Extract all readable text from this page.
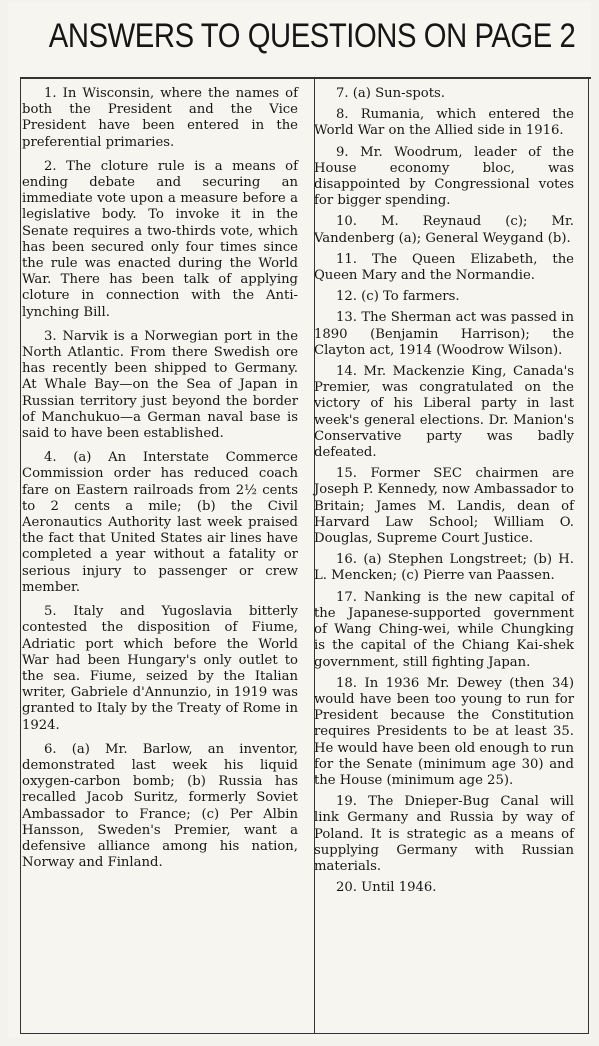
ANSWERS TO QUESTIONS ON PAGE 2

1. In Wisconsin, where the names of both the President and the Vice President have been entered in the preferential primaries.

2. The cloture rule is a means of ending debate and securing an immediate vote upon a measure before a legislative body. To invoke it in the Senate requires a two-thirds vote, which has been secured only four times since the rule was enacted during the World War. There has been talk of applying cloture in connection with the Anti-lynching Bill.

3. Narvik is a Norwegian port in the North Atlantic. From there Swedish ore has recently been shipped to Germany. At Whale Bay—on the Sea of Japan in Russian territory just beyond the border of Manchukuo—a German naval base is said to have been established.

4. (a) An Interstate Commerce Commission order has reduced coach fare on Eastern railroads from 2½ cents to 2 cents a mile; (b) the Civil Aeronautics Authority last week praised the fact that United States air lines have completed a year without a fatality or serious injury to passenger or crew member.

5. Italy and Yugoslavia bitterly contested the disposition of Fiume, Adriatic port which before the World War had been Hungary's only outlet to the sea. Fiume, seized by the Italian writer, Gabriele d'Annunzio, in 1919 was granted to Italy by the Treaty of Rome in 1924.

6. (a) Mr. Barlow, an inventor, demonstrated last week his liquid oxygen-carbon bomb; (b) Russia has recalled Jacob Suritz, formerly Soviet Ambassador to France; (c) Per Albin Hansson, Sweden's Premier, want a defensive alliance among his nation, Norway and Finland.

7. (a) Sun-spots.

8. Rumania, which entered the World War on the Allied side in 1916.

9. Mr. Woodrum, leader of the House economy bloc, was disappointed by Congressional votes for bigger spending.

10. M. Reynaud (c); Mr. Vandenberg (a); General Weygand (b).

11. The Queen Elizabeth, the Queen Mary and the Normandie.

12. (c) To farmers.

13. The Sherman act was passed in 1890 (Benjamin Harrison); the Clayton act, 1914 (Woodrow Wilson).

14. Mr. Mackenzie King, Canada's Premier, was congratulated on the victory of his Liberal party in last week's general elections. Dr. Manion's Conservative party was badly defeated.

15. Former SEC chairmen are Joseph P. Kennedy, now Ambassador to Britain; James M. Landis, dean of Harvard Law School; William O. Douglas, Supreme Court Justice.

16. (a) Stephen Longstreet; (b) H. L. Mencken; (c) Pierre van Paassen.

17. Nanking is the new capital of the Japanese-supported government of Wang Ching-wei, while Chungking is the capital of the Chiang Kai-shek government, still fighting Japan.

18. In 1936 Mr. Dewey (then 34) would have been too young to run for President because the Constitution requires Presidents to be at least 35. He would have been old enough to run for the Senate (minimum age 30) and the House (minimum age 25).

19. The Dnieper-Bug Canal will link Germany and Russia by way of Poland. It is strategic as a means of supplying Germany with Russian materials.

20. Until 1946.
